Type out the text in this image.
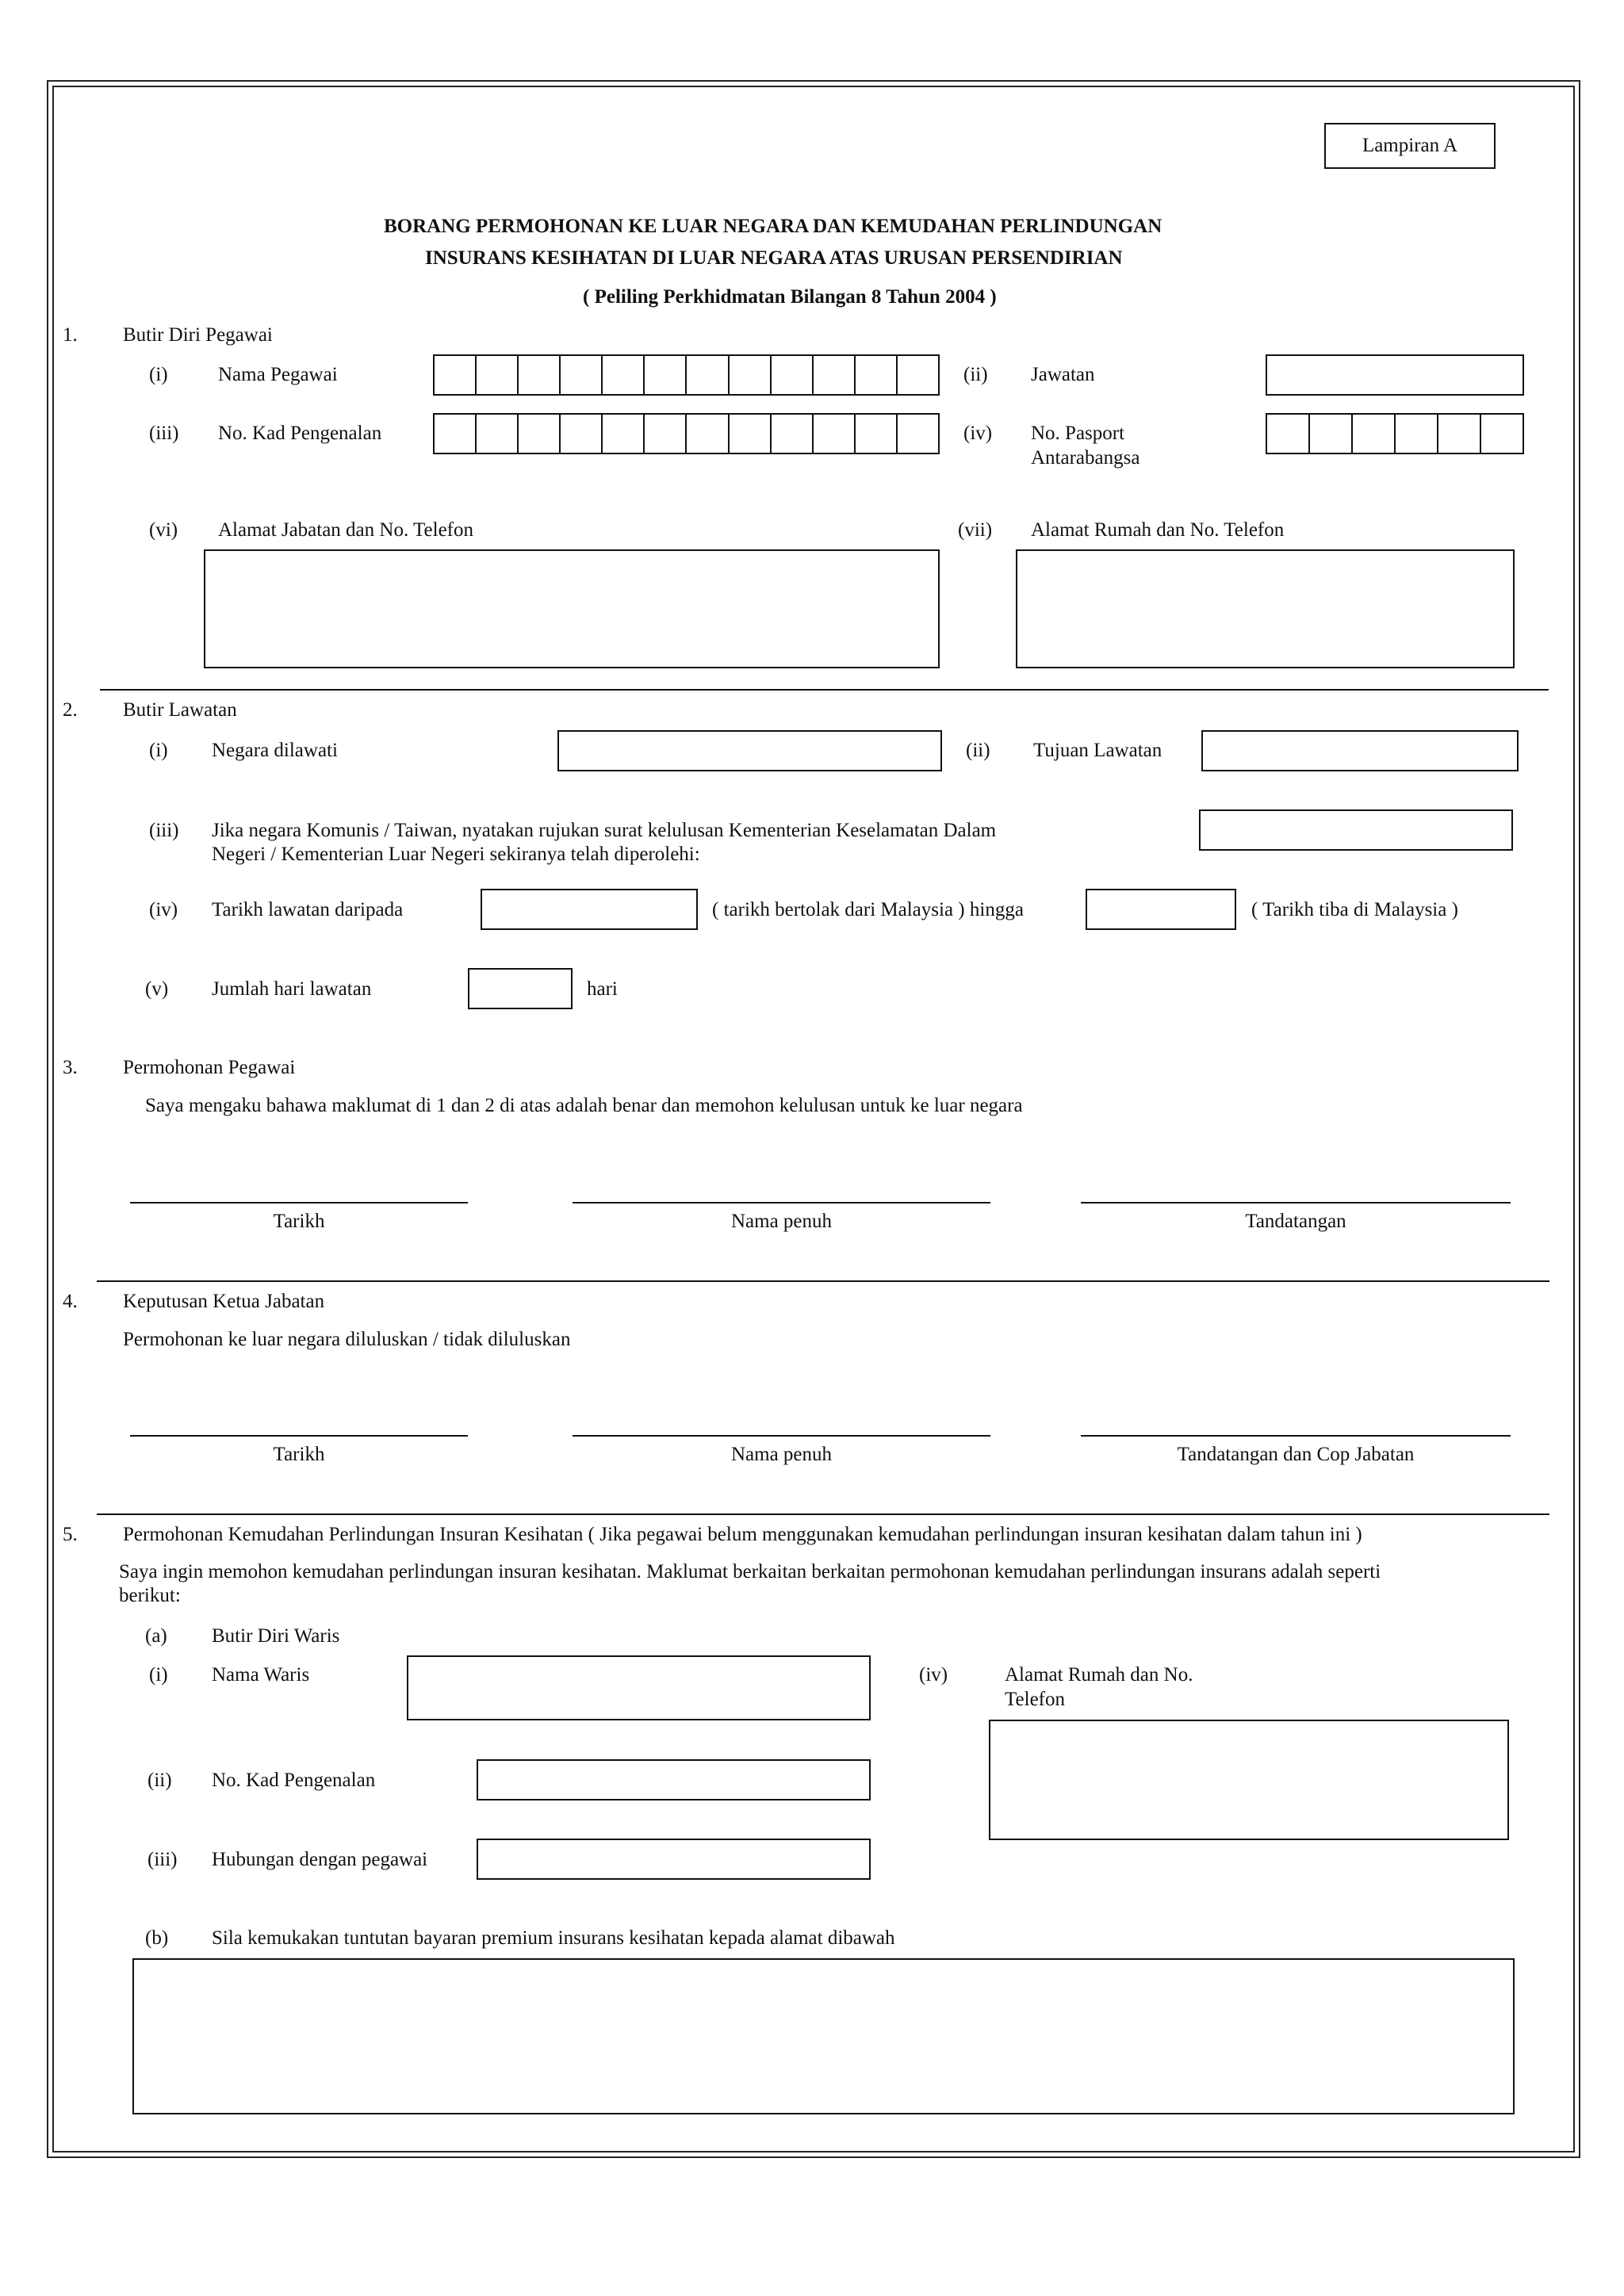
Lampiran A
BORANG PERMOHONAN KE LUAR NEGARA DAN KEMUDAHAN PERLINDUNGAN
INSURANS KESIHATAN DI LUAR NEGARA ATAS URUSAN PERSENDIRIAN
( Peliling Perkhidmatan Bilangan 8 Tahun 2004 )
1. Butir Diri Pegawai
(i)	Nama Pegawai	(ii) Jawatan
(iii) No. Kad Pengenalan	(iv) No. Pasport
Antarabangsa
(vi) Alamat Jabatan dan No. Telefon	(vii) Alamat Rumah dan No. Telefon
2. Butir Lawatan
(i) Negara dilawati	(ii) Tujuan Lawatan
(iii) Jika negara Komunis / Taiwan, nyatakan rujukan surat kelulusan Kementerian Keselamatan Dalam
Negeri / Kementerian Luar Negeri sekiranya telah diperolehi:
(iv) Tarikh lawatan daripada	( tarikh bertolak dari Malaysia ) hingga	( Tarikh tiba di Malaysia )
(v) Jumlah hari lawatan	hari
3. Permohonan Pegawai
Saya mengaku bahawa maklumat di 1 dan 2 di atas adalah benar dan memohon kelulusan untuk ke luar negara
Tarikh	Nama penuh	Tandatangan
4. Keputusan Ketua Jabatan
Permohonan ke luar negara diluluskan / tidak diluluskan
Tarikh	Nama penuh	Tandatangan dan Cop Jabatan
5. Permohonan Kemudahan Perlindungan Insuran Kesihatan ( Jika pegawai belum menggunakan kemudahan perlindungan insuran kesihatan dalam tahun ini )
Saya ingin memohon kemudahan perlindungan insuran kesihatan. Maklumat berkaitan berkaitan permohonan kemudahan perlindungan insurans adalah seperti
berikut:
(a) Butir Diri Waris
(i) Nama Waris	(iv)	Alamat Rumah dan No.
Telefon
(ii) No. Kad Pengenalan
(iii) Hubungan dengan pegawai
(b) Sila kemukakan tuntutan bayaran premium insurans kesihatan kepada alamat dibawah
